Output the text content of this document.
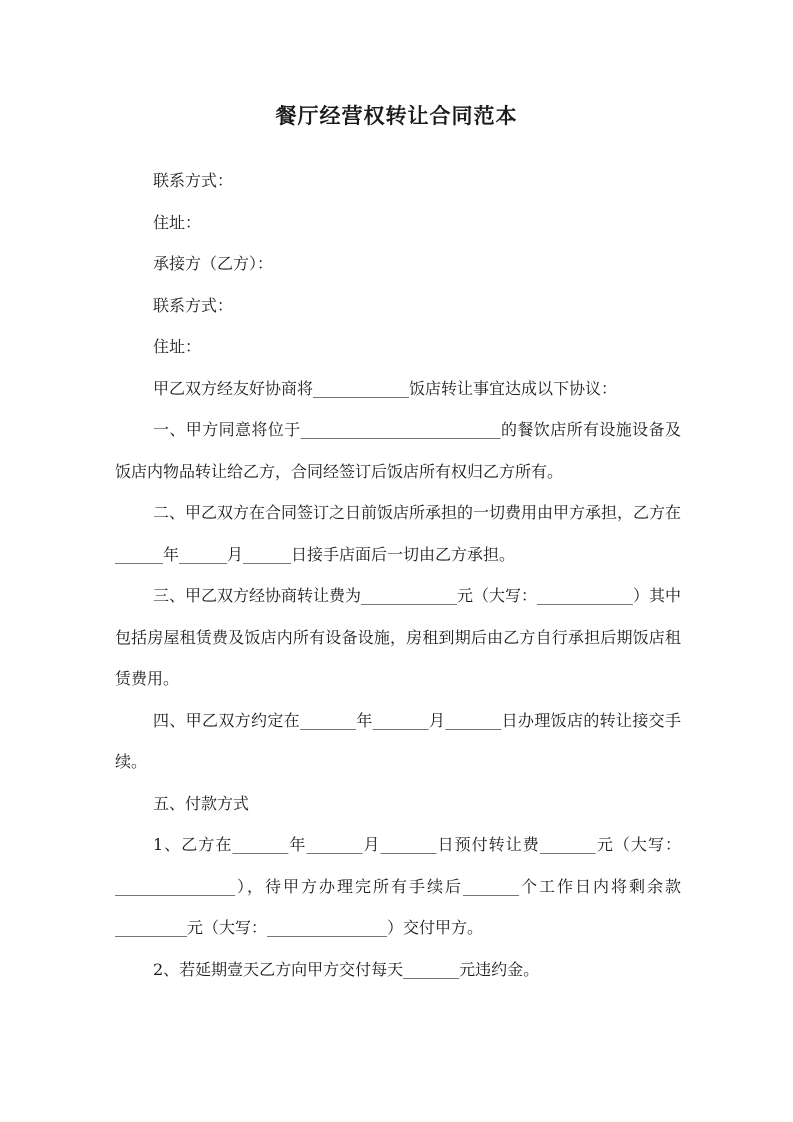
餐厅经营权转让合同范本

联系方式：

住址：

承接方（乙方）：

联系方式：

住址：

甲乙双方经友好协商将____________饭店转让事宜达成以下协议：

一、甲方同意将位于_________________________的餐饮店所有设施设备及饭店内物品转让给乙方，合同经签订后饭店所有权归乙方所有。

二、甲乙双方在合同签订之日前饭店所承担的一切费用由甲方承担，乙方在______年______月______日接手店面后一切由乙方承担。

三、甲乙双方经协商转让费为____________元（大写：____________）其中包括房屋租赁费及饭店内所有设备设施，房租到期后由乙方自行承担后期饭店租赁费用。

四、甲乙双方约定在_______年_______月_______日办理饭店的转让接交手续。

五、付款方式

1、乙方在_______年_______月_______日预付转让费_______元（大写：_______________），待甲方办理完所有手续后_______个工作日内将剩余款_________元（大写：_______________）交付甲方。

2、若延期壹天乙方向甲方交付每天_______元违约金。
